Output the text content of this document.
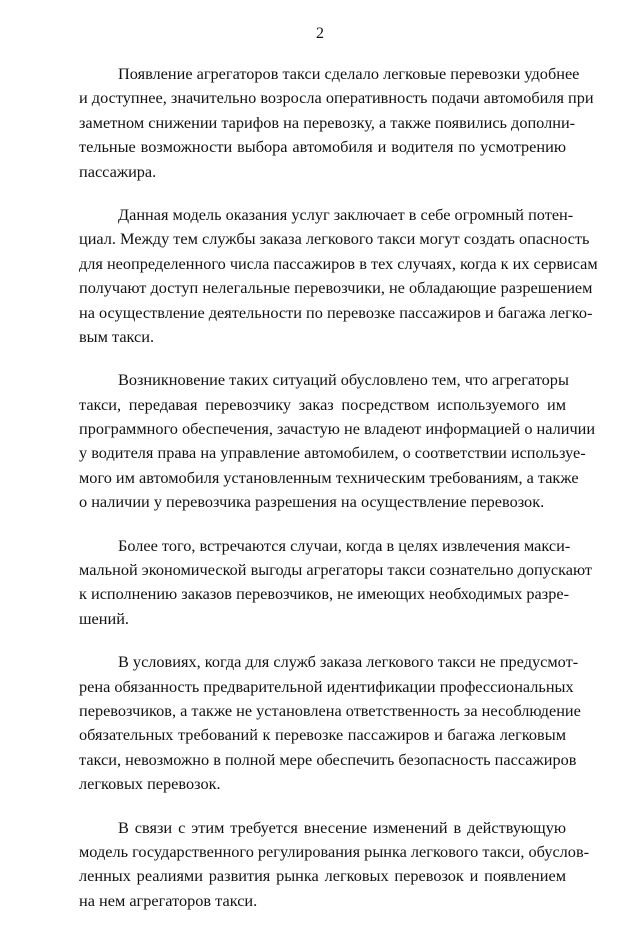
2
Появление агрегаторов такси сделало легковые перевозки удобнее
и доступнее, значительно возросла оперативность подачи автомобиля при
заметном снижении тарифов на перевозку, а также появились дополни-
тельные возможности выбора автомобиля и водителя по усмотрению
пассажира.
Данная модель оказания услуг заключает в себе огромный потен-
циал. Между тем службы заказа легкового такси могут создать опасность
для неопределенного числа пассажиров в тех случаях, когда к их сервисам
получают доступ нелегальные перевозчики, не обладающие разрешением
на осуществление деятельности по перевозке пассажиров и багажа легко-
вым такси.
Возникновение таких ситуаций обусловлено тем, что агрегаторы
такси, передавая перевозчику заказ посредством используемого им
программного обеспечения, зачастую не владеют информацией о наличии
у водителя права на управление автомобилем, о соответствии используе-
мого им автомобиля установленным техническим требованиям, а также
о наличии у перевозчика разрешения на осуществление перевозок.
Более того, встречаются случаи, когда в целях извлечения макси-
мальной экономической выгоды агрегаторы такси сознательно допускают
к исполнению заказов перевозчиков, не имеющих необходимых разре-
шений.
В условиях, когда для служб заказа легкового такси не предусмот-
рена обязанность предварительной идентификации профессиональных
перевозчиков, а также не установлена ответственность за несоблюдение
обязательных требований к перевозке пассажиров и багажа легковым
такси, невозможно в полной мере обеспечить безопасность пассажиров
легковых перевозок.
В связи с этим требуется внесение изменений в действующую
модель государственного регулирования рынка легкового такси, обуслов-
ленных реалиями развития рынка легковых перевозок и появлением
на нем агрегаторов такси.
